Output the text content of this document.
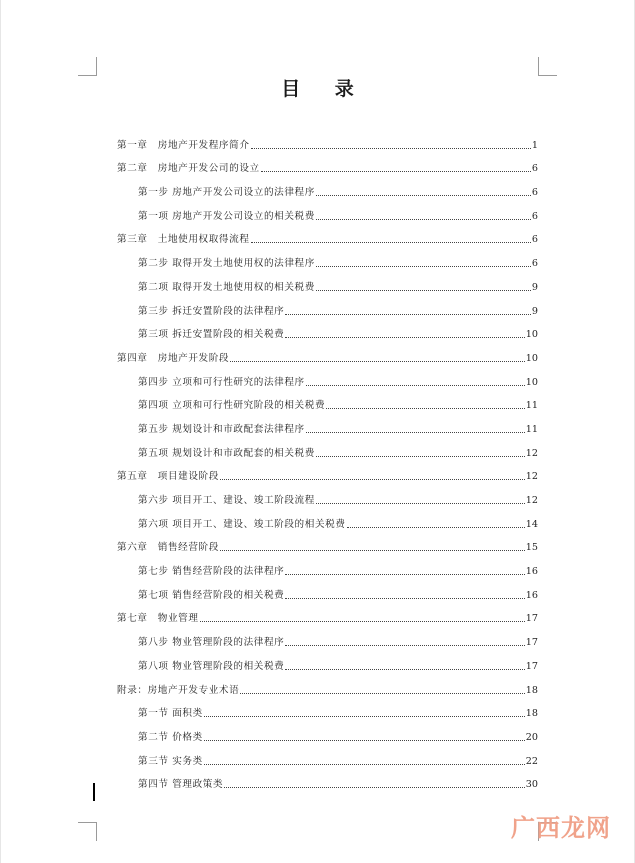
目 录
第一章　房地产开发程序简介	1
第二章　房地产开发公司的设立	6
第一步 房地产开发公司设立的法律程序	6
第一项 房地产开发公司设立的相关税费	6
第三章　土地使用权取得流程	6
第二步 取得开发土地使用权的法律程序	6
第二项 取得开发土地使用权的相关税费	9
第三步 拆迁安置阶段的法律程序	9
第三项 拆迁安置阶段的相关税费	10
第四章　房地产开发阶段	10
第四步 立项和可行性研究的法律程序	10
第四项 立项和可行性研究阶段的相关税费	11
第五步 规划设计和市政配套法律程序	11
第五项 规划设计和市政配套的相关税费	12
第五章　项目建设阶段	12
第六步 项目开工、建设、竣工阶段流程	12
第六项 项目开工、建设、竣工阶段的相关税费	14
第六章　销售经营阶段	15
第七步 销售经营阶段的法律程序	16
第七项 销售经营阶段的相关税费	16
第七章　物业管理	17
第八步 物业管理阶段的法律程序	17
第八项 物业管理阶段的相关税费	17
附录：房地产开发专业术语	18
第一节 面积类	18
第二节 价格类	20
第三节 实务类	22
第四节 管理政策类	30
广西龙网
